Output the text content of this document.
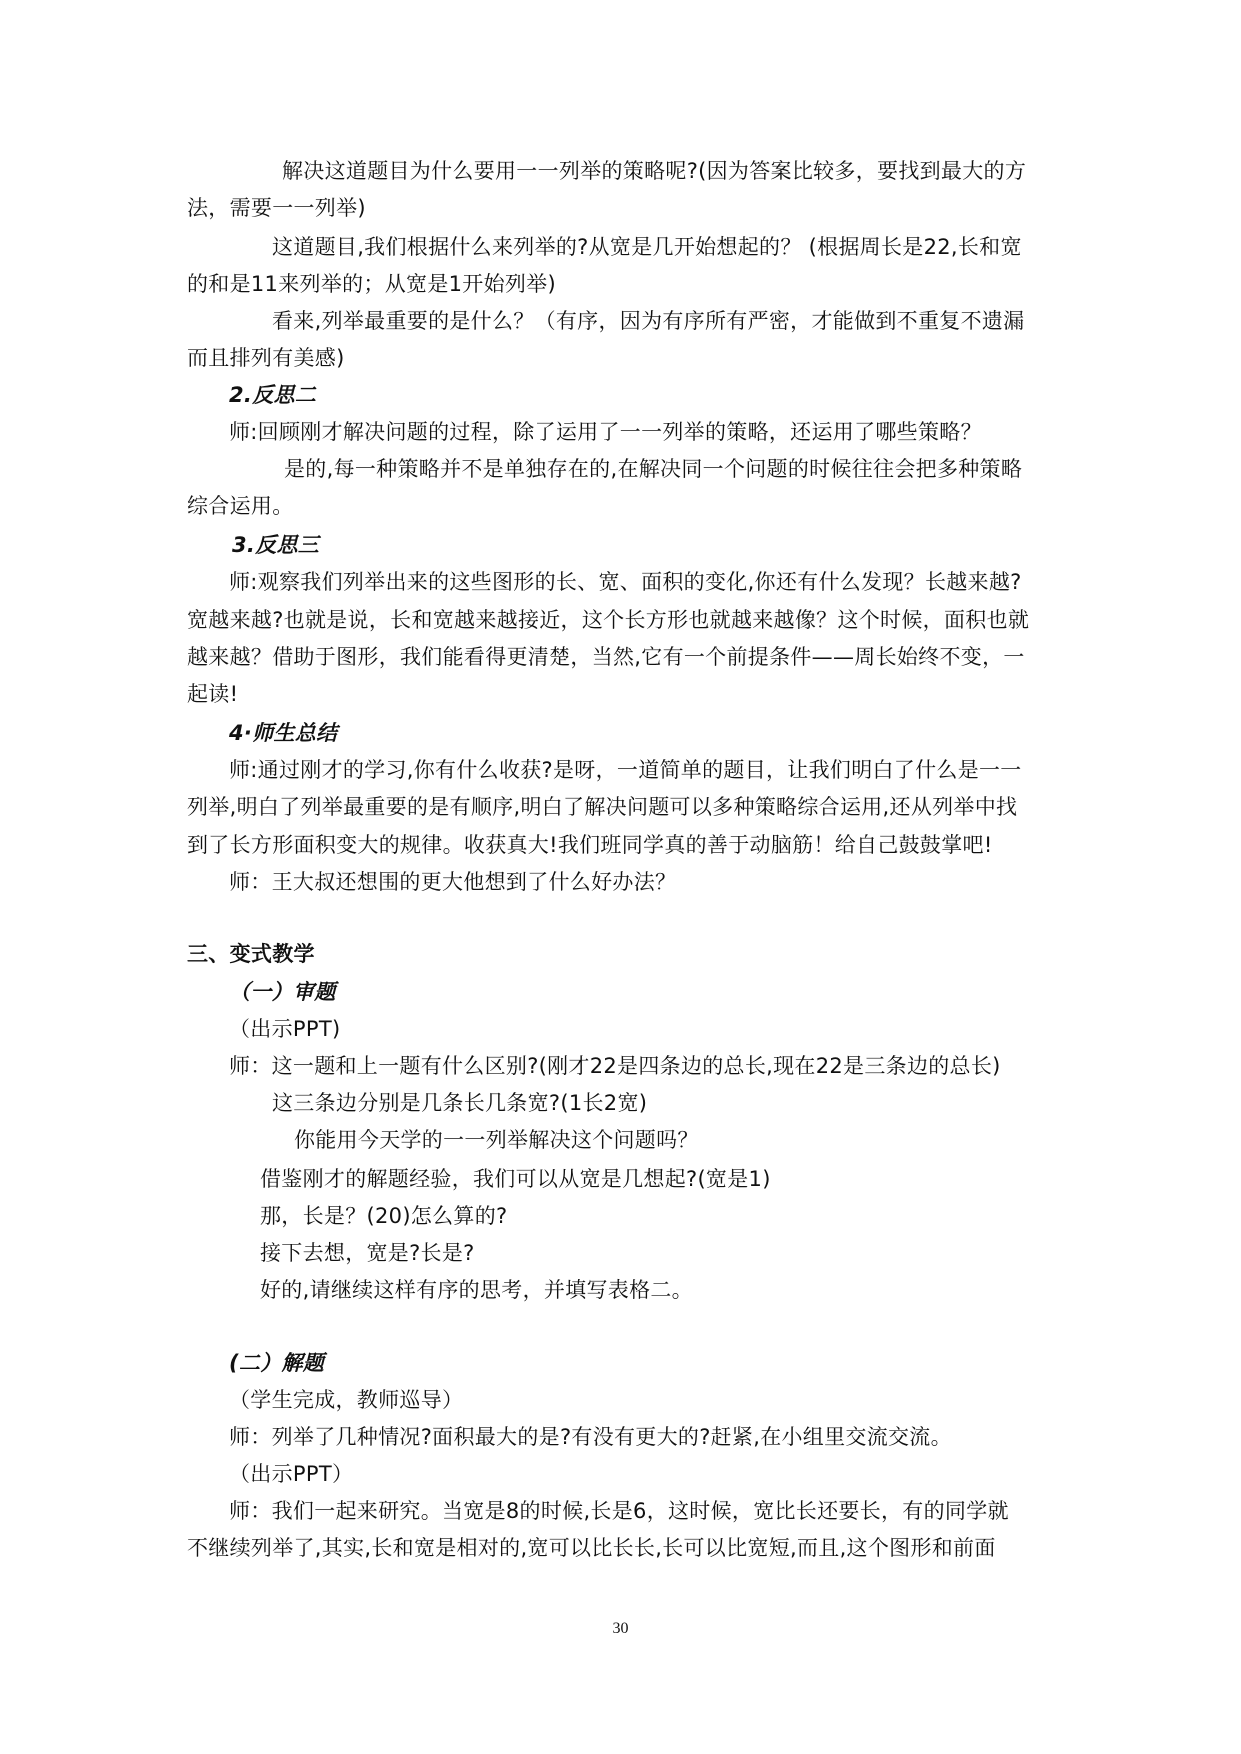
解决这道题目为什么要用一一列举的策略呢?(因为答案比较多，要找到最大的方
法，需要一一列举)
这道题目,我们根据什么来列举的?从宽是几开始想起的？ (根据周长是22,长和宽
的和是11来列举的；从宽是1开始列举)
看来,列举最重要的是什么？（有序，因为有序所有严密，才能做到不重复不遗漏
而且排列有美感)
2.反思二
师:回顾刚才解决问题的过程，除了运用了一一列举的策略，还运用了哪些策略？
是的,每一种策略并不是单独存在的,在解决同一个问题的时候往往会把多种策略
综合运用。
3.反思三
师:观察我们列举出来的这些图形的长、宽、面积的变化,你还有什么发现？长越来越?
宽越来越?也就是说，长和宽越来越接近，这个长方形也就越来越像？这个时候，面积也就
越来越？借助于图形，我们能看得更清楚，当然,它有一个前提条件——周长始终不变，一
起读!
4·师生总结
师:通过刚才的学习,你有什么收获?是呀，一道简单的题目，让我们明白了什么是一一
列举,明白了列举最重要的是有顺序,明白了解决问题可以多种策略综合运用,还从列举中找
到了长方形面积变大的规律。收获真大!我们班同学真的善于动脑筋！给自己鼓鼓掌吧!
师：王大叔还想围的更大他想到了什么好办法？
三、变式教学
（一）审题
（出示PPT)
师：这一题和上一题有什么区别?(刚才22是四条边的总长,现在22是三条边的总长)
这三条边分别是几条长几条宽?(1长2宽)
你能用今天学的一一列举解决这个问题吗？
借鉴刚才的解题经验，我们可以从宽是几想起?(宽是1)
那，长是？(20)怎么算的?
接下去想，宽是?长是?
好的,请继续这样有序的思考，并填写表格二。
(二）解题
（学生完成，教师巡导）
师：列举了几种情况?面积最大的是?有没有更大的?赶紧,在小组里交流交流。
（出示PPT）
师：我们一起来研究。当宽是8的时候,长是6，这时候，宽比长还要长，有的同学就
不继续列举了,其实,长和宽是相对的,宽可以比长长,长可以比宽短,而且,这个图形和前面
30
